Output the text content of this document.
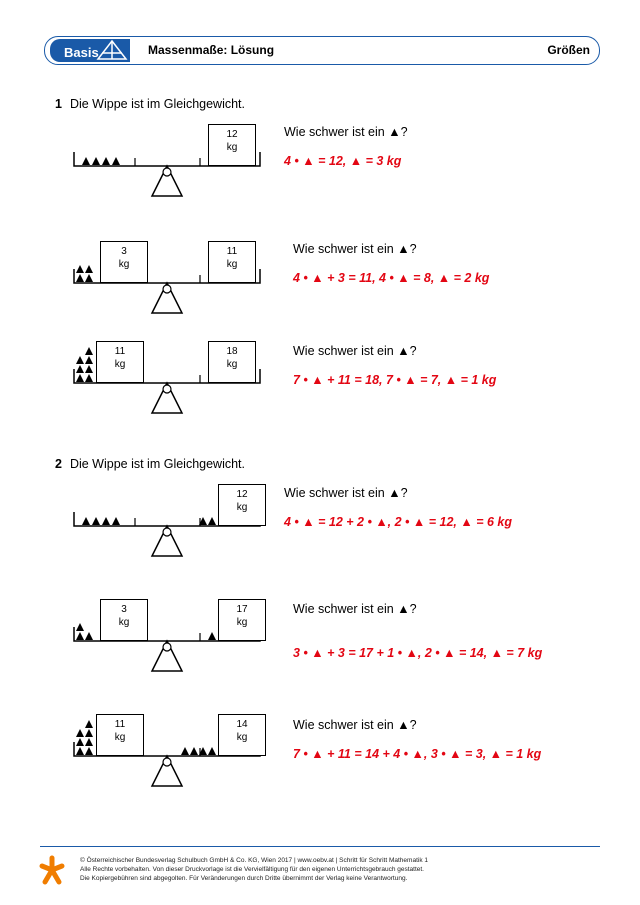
Basis	Massenmaße: Lösung	Größen
1 Die Wippe ist im Gleichgewicht.
2 Die Wippe ist im Gleichgewicht.
12
kg
Wie schwer ist ein ▲?
4 • ▲ = 12, ▲ = 3 kg
3
kg
11
kg
Wie schwer ist ein ▲?
4 • ▲ + 3 = 11, 4 • ▲ = 8, ▲ = 2 kg
11
kg
18
kg
Wie schwer ist ein ▲?
7 • ▲ + 11 = 18, 7 • ▲ = 7, ▲ = 1 kg
12
kg
Wie schwer ist ein ▲?
4 • ▲ = 12 + 2 • ▲, 2 • ▲ = 12, ▲ = 6 kg
3
kg
17
kg
Wie schwer ist ein ▲?
3 • ▲ + 3 = 17 + 1 • ▲, 2 • ▲ = 14, ▲ = 7 kg
11
kg
14
kg
Wie schwer ist ein ▲?
7 • ▲ + 11 = 14 + 4 • ▲, 3 • ▲ = 3, ▲ = 1 kg
© Österreichischer Bundesverlag Schulbuch GmbH & Co. KG, Wien 2017 | www.oebv.at | Schritt für Schritt Mathematik 1
Alle Rechte vorbehalten. Von dieser Druckvorlage ist die Vervielfältigung für den eigenen Unterrichtsgebrauch gestattet.
Die Kopiergebühren sind abgegolten. Für Veränderungen durch Dritte übernimmt der Verlag keine Verantwortung.
